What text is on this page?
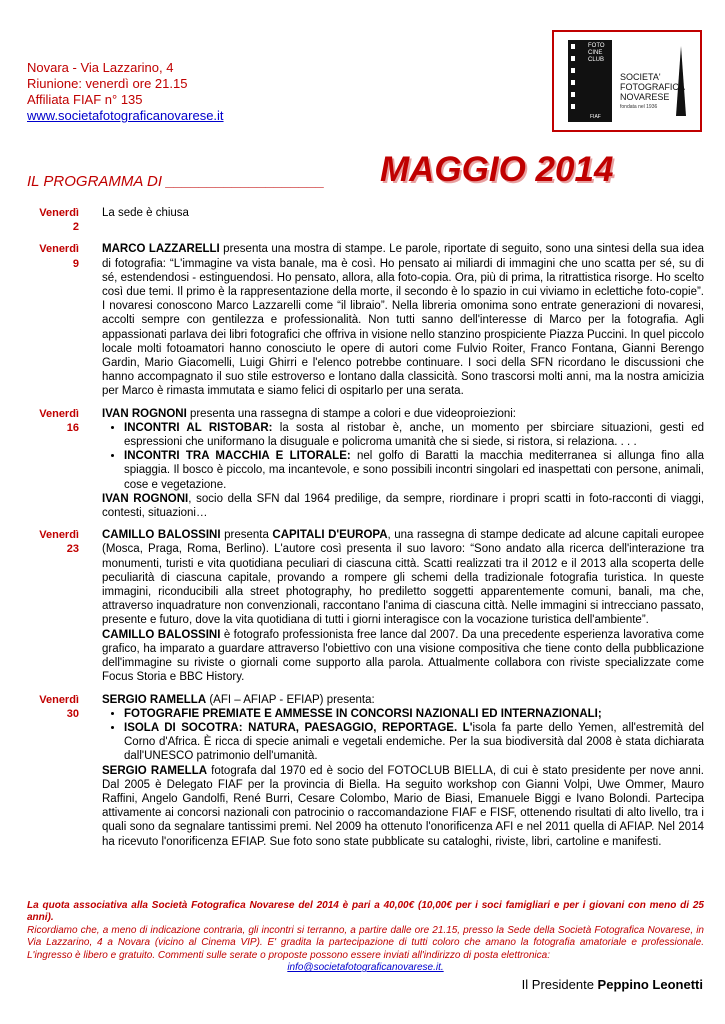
Novara - Via Lazzarino, 4
Riunione: venerdì ore 21.15
Affiliata FIAF n° 135
www.societafotograficanovarese.it
FOTO
CINE
CLUB
FIAF
SOCIETA'
FOTOGRAFICA
NOVARESE
fondata nel 1936
IL PROGRAMMA DI ___________________ MAGGIO 2014
Venerdì
2

La sede è chiusa

Venerdì
9

MARCO LAZZARELLI presenta una mostra di stampe. Le parole, riportate di seguito, sono una sintesi della sua idea di fotografia: “L'immagine va vista banale, ma è così. Ho pensato ai miliardi di immagini che uno scatta per sé, su di sé, estendendosi - estinguendosi. Ho pensato, allora, alla foto-copia. Ora, più di prima, la ritrattistica risorge. Ho scelto così due temi. Il primo è la rappresentazione della morte, il secondo è lo spazio in cui viviamo in eclettiche foto-copie”. I novaresi conoscono Marco Lazzarelli come “il libraio”. Nella libreria omonima sono entrate generazioni di novaresi, accolti sempre con gentilezza e professionalità. Non tutti sanno dell'interesse di Marco per la fotografia. Agli appassionati parlava dei libri fotografici che offriva in visione nello stanzino prospiciente Piazza Puccini. In quel piccolo locale molti fotoamatori hanno conosciuto le opere di autori come Fulvio Roiter, Franco Fontana, Gianni Berengo Gardin, Mario Giacomelli, Luigi Ghirri e l'elenco potrebbe continuare. I soci della SFN ricordano le discussioni che hanno accompagnato il suo stile estroverso e lontano dalla classicità. Sono trascorsi molti anni, ma la nostra amicizia per Marco è rimasta immutata e siamo felici di ospitarlo per una serata.

Venerdì
16

IVAN ROGNONI presenta una rassegna di stampe a colori e due videoproiezioni:

• INCONTRI AL RISTOBAR: la sosta al ristobar è, anche, un momento per sbirciare situazioni, gesti ed espressioni che uniformano la disuguale e policroma umanità che si siede, si ristora, si relaziona. . . .
• INCONTRI TRA MACCHIA E LITORALE: nel golfo di Baratti la macchia mediterranea si allunga fino alla spiaggia. Il bosco è piccolo, ma incantevole, e sono possibili incontri singolari ed inaspettati con persone, animali, cose e vegetazione.

IVAN ROGNONI, socio della SFN dal 1964 predilige, da sempre, riordinare i propri scatti in foto-racconti di viaggi, contesti, situazioni…

Venerdì
23

CAMILLO BALOSSINI presenta CAPITALI D'EUROPA, una rassegna di stampe dedicate ad alcune capitali europee (Mosca, Praga, Roma, Berlino). L'autore così presenta il suo lavoro: “Sono andato alla ricerca dell'interazione tra monumenti, turisti e vita quotidiana peculiari di ciascuna città. Scatti realizzati tra il 2012 e il 2013 alla scoperta delle peculiarità di ciascuna capitale, provando a rompere gli schemi della tradizionale fotografia turistica. In queste immagini, riconducibili alla street photography, ho prediletto soggetti apparentemente comuni, banali, ma che, attraverso inquadrature non convenzionali, raccontano l'anima di ciascuna città. Nelle immagini si intrecciano passato, presente e futuro, dove la vita quotidiana di tutti i giorni interagisce con la vocazione turistica dell'ambiente”.

CAMILLO BALOSSINI è fotografo professionista free lance dal 2007. Da una precedente esperienza lavorativa come grafico, ha imparato a guardare attraverso l'obiettivo con una visione compositiva che tiene conto della pubblicazione dell'immagine su riviste o giornali come supporto alla parola. Attualmente collabora con riviste specializzate come Focus Storia e BBC History.

Venerdì
30

SERGIO RAMELLA (AFI – AFIAP - EFIAP) presenta:

• FOTOGRAFIE PREMIATE E AMMESSE IN CONCORSI NAZIONALI ED INTERNAZIONALI;
• ISOLA DI SOCOTRA: NATURA, PAESAGGIO, REPORTAGE. L'isola fa parte dello Yemen, all'estremità del Corno d'Africa. È ricca di specie animali e vegetali endemiche. Per la sua biodiversità dal 2008 è stata dichiarata dall'UNESCO patrimonio dell'umanità.

SERGIO RAMELLA fotografa dal 1970 ed è socio del FOTOCLUB BIELLA, di cui è stato presidente per nove anni. Dal 2005 è Delegato FIAF per la provincia di Biella. Ha seguito workshop con Gianni Volpi, Uwe Ommer, Mauro Raffini, Angelo Gandolfi, René Burri, Cesare Colombo, Mario de Biasi, Emanuele Biggi e Ivano Bolondi. Partecipa attivamente ai concorsi nazionali con patrocinio o raccomandazione FIAF e FISF, ottenendo risultati di alto livello, tra i quali sono da segnalare tantissimi premi. Nel 2009 ha ottenuto l'onorificenza AFI e nel 2011 quella di AFIAP. Nel 2014 ha ricevuto l'onorificenza EFIAP. Sue foto sono state pubblicate su cataloghi, riviste, libri, cartoline e manifesti.

La quota associativa alla Società Fotografica Novarese del 2014 è pari a 40,00€ (10,00€ per i soci famigliari e per i giovani con meno di 25 anni).
Ricordiamo che, a meno di indicazione contraria, gli incontri si terranno, a partire dalle ore 21.15, presso la Sede della Società Fotografica Novarese, in Via Lazzarino, 4 a Novara (vicino al Cinema VIP). E' gradita la partecipazione di tutti coloro che amano la fotografia amatoriale e professionale. L'ingresso è libero e gratuito. Commenti sulle serate o proposte possono essere inviati all'indirizzo di posta elettronica:
info@societafotograficanovarese.it.
Il Presidente Peppino Leonetti
